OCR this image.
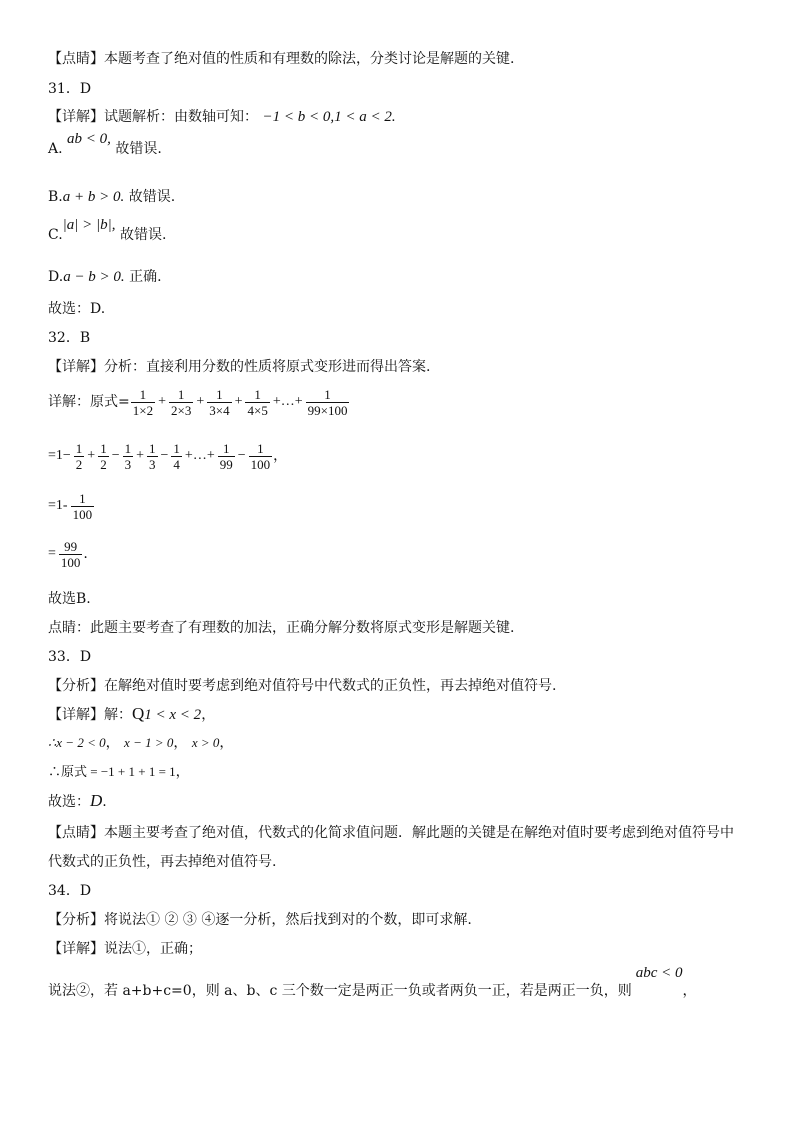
【点睛】本题考查了绝对值的性质和有理数的除法，分类讨论是解题的关键.
31．D
【详解】试题解析：由数轴可知： −1 < b < 0,1 < a < 2.
A. ab < 0, 故错误.
B.a + b > 0. 故错误.
C.|a| > |b|, 故错误.
D.a − b > 0. 正确.
故选：D.
32．B
【详解】分析：直接利用分数的性质将原式变形进而得出答案.
详解：原式= $\frac{1}{1\times 2} + \frac{1}{2\times 3} + \frac{1}{3\times 4} + \frac{1}{4\times 5}$ +…+ $\frac{1}{99\times 100}$
$=1- \frac{1}{2} + \frac{1}{2} - \frac{1}{3} + \frac{1}{3} - \frac{1}{4}$ +…+ $\frac{1}{99} - \frac{1}{100}$ ，
$=1- \frac{1}{100}$
= $\frac{99}{100}$ .
故选B.
点睛：此题主要考查了有理数的加法，正确分解分数将原式变形是解题关键.
33．D
【分析】在解绝对值时要考虑到绝对值符号中代数式的正负性，再去掉绝对值符号.
【详解】解：Q1 < x < 2，
∴x − 2 < 0， x − 1 > 0， x > 0，
∴原式 = −1 + 1 + 1 = 1，
故选：D.
【点睛】本题主要考查了绝对值，代数式的化简求值问题．解此题的关键是在解绝对值时要考虑到绝对值符号中
代数式的正负性，再去掉绝对值符号.
34．D
【分析】将说法① ② ③ ④逐一分析，然后找到对的个数，即可求解.
【详解】说法①，正确；
说法②，若 a+b+c=0，则 a、b、c 三个数一定是两正一负或者两负一正，若是两正一负，则abc < 0，
